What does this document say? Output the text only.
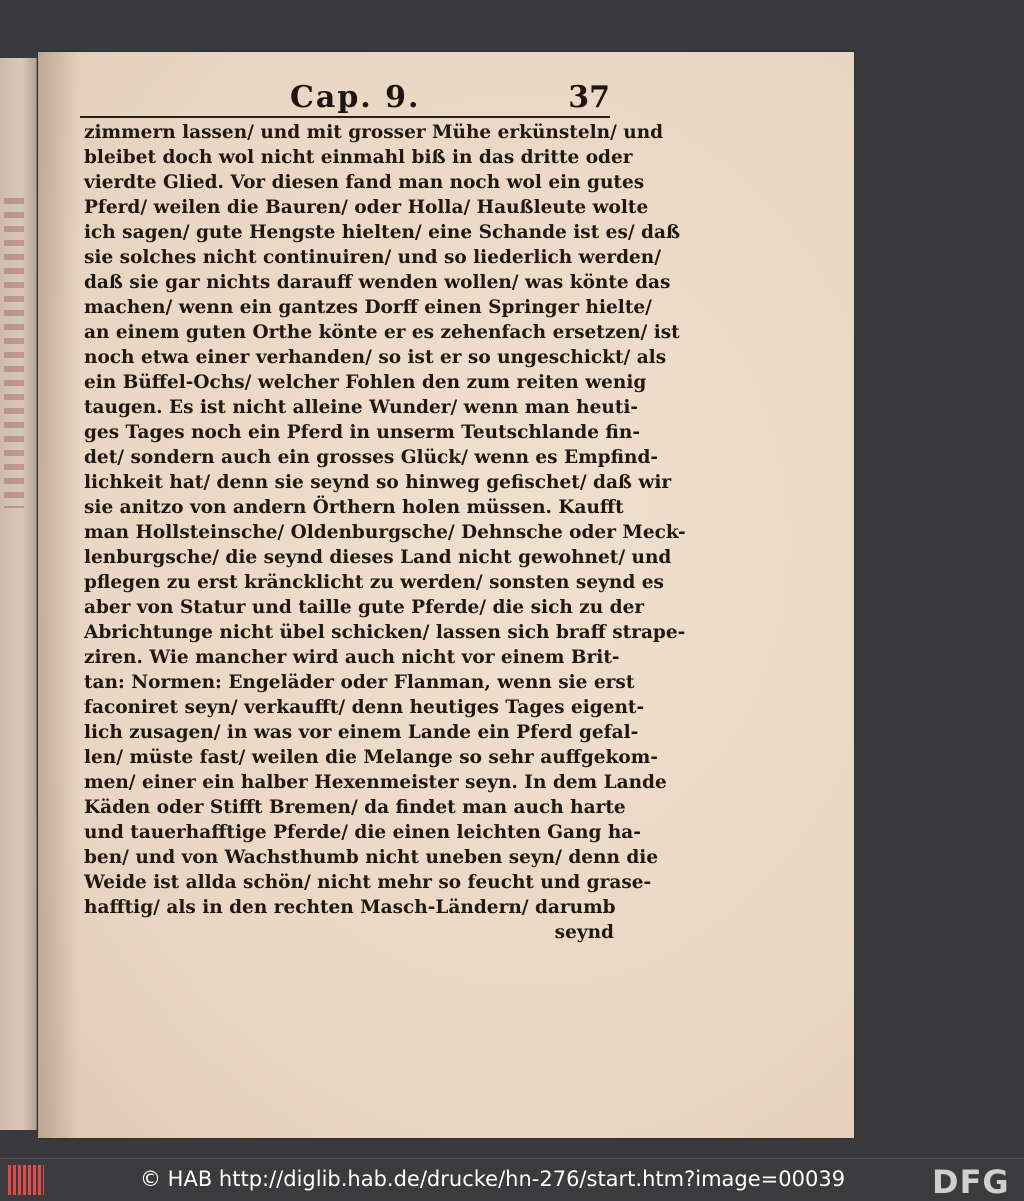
Cap. 9.	37
zimmern lassen/ und mit grosser Mühe erkünsteln/ und
bleibet doch wol nicht einmahl biß in das dritte oder
vierdte Glied. Vor diesen fand man noch wol ein gutes
Pferd/ weilen die Bauren/ oder Holla/ Haußleute wolte
ich sagen/ gute Hengste hielten/ eine Schande ist es/ daß
sie solches nicht continuiren/ und so liederlich werden/
daß sie gar nichts darauff wenden wollen/ was könte das
machen/ wenn ein gantzes Dorff einen Springer hielte/
an einem guten Orthe könte er es zehenfach ersetzen/ ist
noch etwa einer verhanden/ so ist er so ungeschickt/ als
ein Büffel-Ochs/ welcher Fohlen den zum reiten wenig
taugen. Es ist nicht alleine Wunder/ wenn man heuti-
ges Tages noch ein Pferd in unserm Teutschlande fin-
det/ sondern auch ein grosses Glück/ wenn es Empfind-
lichkeit hat/ denn sie seynd so hinweg gefischet/ daß wir
sie anitzo von andern Örthern holen müssen. Kaufft
man Hollsteinsche/ Oldenburgsche/ Dehnsche oder Meck-
lenburgsche/ die seynd dieses Land nicht gewohnet/ und
pflegen zu erst kräncklicht zu werden/ sonsten seynd es
aber von Statur und taille gute Pferde/ die sich zu der
Abrichtunge nicht übel schicken/ lassen sich braff strape-
ziren. Wie mancher wird auch nicht vor einem Brit-
tan: Normen: Engeläder oder Flanman, wenn sie erst
faconiret seyn/ verkaufft/ denn heutiges Tages eigent-
lich zusagen/ in was vor einem Lande ein Pferd gefal-
len/ müste fast/ weilen die Melange so sehr auffgekom-
men/ einer ein halber Hexenmeister seyn. In dem Lande
Käden oder Stifft Bremen/ da findet man auch harte
und tauerhafftige Pferde/ die einen leichten Gang ha-
ben/ und von Wachsthumb nicht uneben seyn/ denn die
Weide ist allda schön/ nicht mehr so feucht und grase-
hafftig/ als in den rechten Masch-Ländern/ darumb
seynd
© HAB http://diglib.hab.de/drucke/hn-276/start.htm?image=00039	DFG
